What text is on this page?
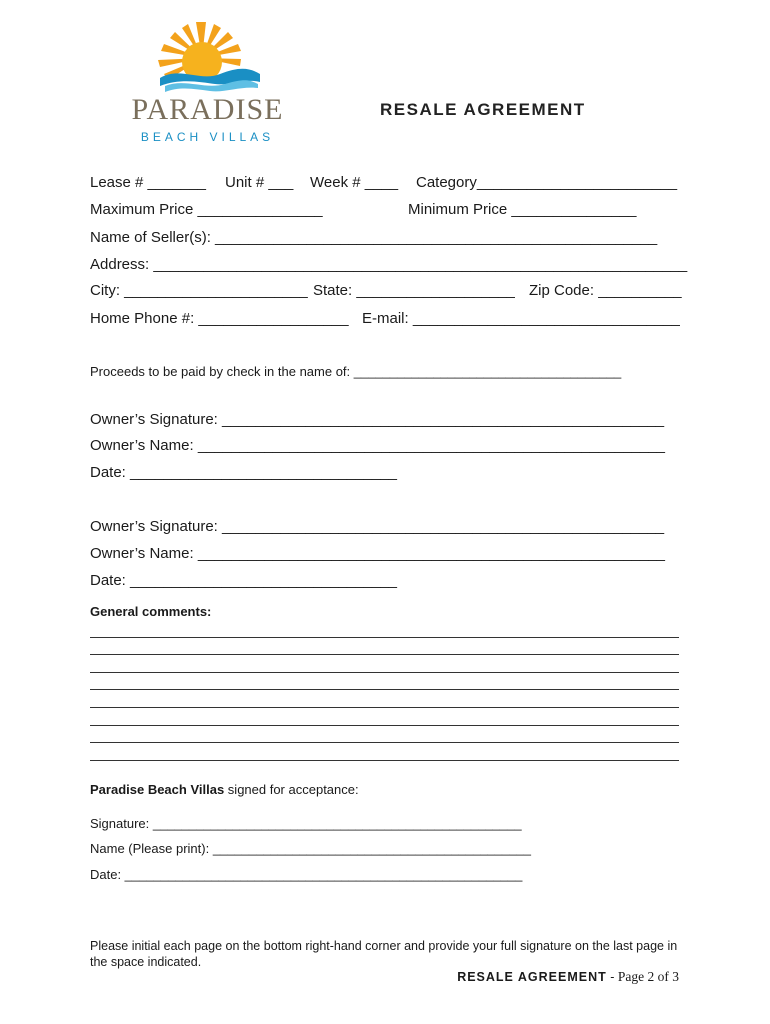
PARADISE
BEACH VILLAS
RESALE AGREEMENT
Lease # _______ Unit # ___ Week # ____ Category________________________
Maximum Price _______________	Minimum Price _______________
Name of Seller(s): _____________________________________________________
Address: ________________________________________________________________
City: ______________________ State: ___________________ Zip Code: __________
Home Phone #: __________________ E-mail: ________________________________
Proceeds to be paid by check in the name of: _____________________________________
Owner’s Signature: _____________________________________________________
Owner’s Name: ________________________________________________________
Date: ________________________________
Owner’s Signature: _____________________________________________________
Owner’s Name: ________________________________________________________
Date: ________________________________
General comments:
Paradise Beach Villas signed for acceptance:
Signature: ___________________________________________________
Name (Please print): ____________________________________________
Date: _______________________________________________________
Please initial each page on the bottom right-hand corner and provide your full signature on the last page in the space indicated.
RESALE AGREEMENT - Page 2 of 3
